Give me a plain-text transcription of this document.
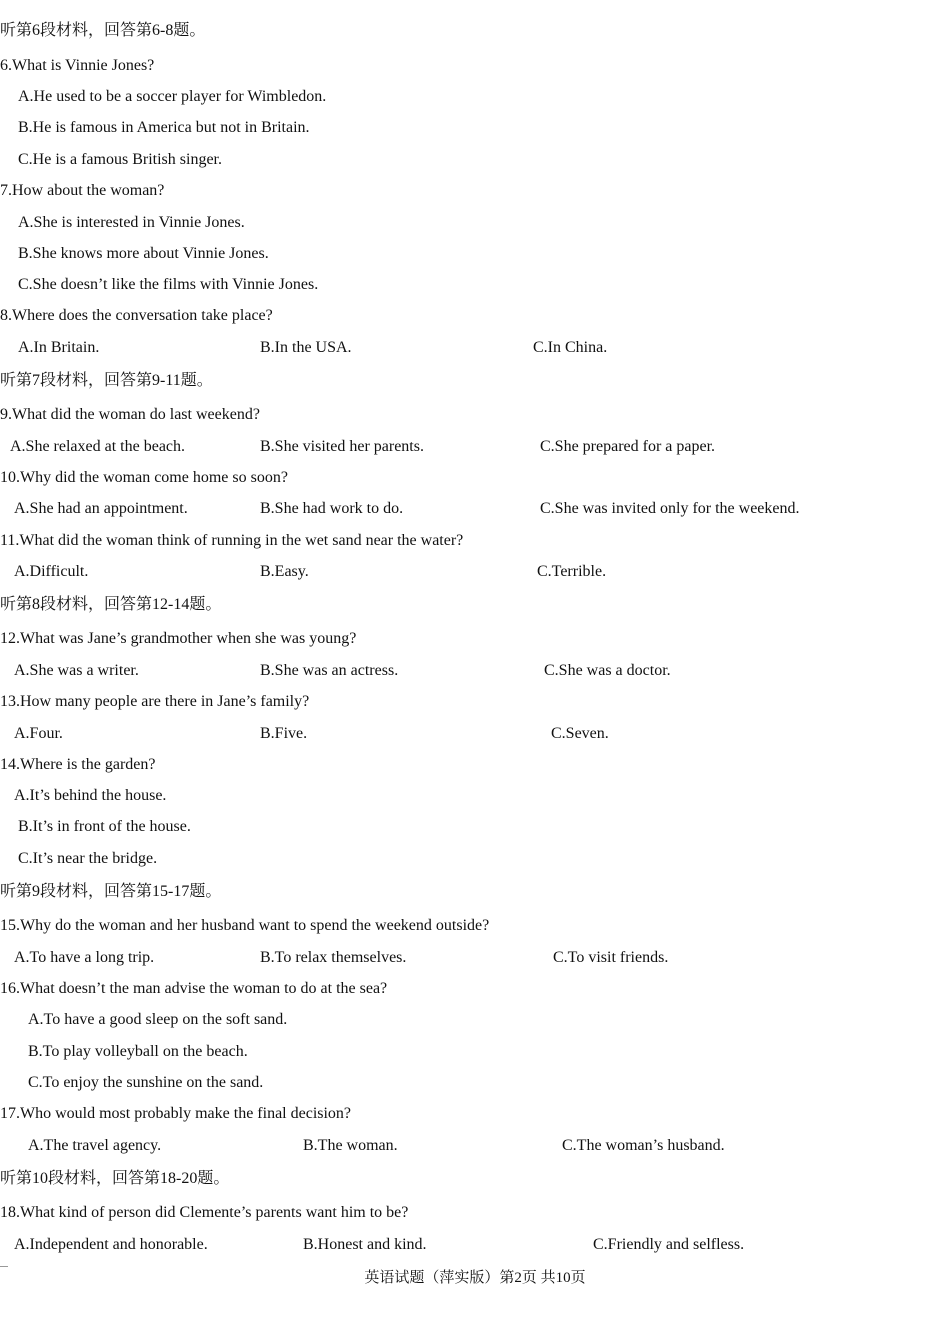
听第6段材料，回答第6-8题。
6.What is Vinnie Jones?
A.He used to be a soccer player for Wimbledon.
B.He is famous in America but not in Britain.
C.He is a famous British singer.
7.How about the woman?
A.She is interested in Vinnie Jones.
B.She knows more about Vinnie Jones.
C.She doesn’t like the films with Vinnie Jones.
8.Where does the conversation take place?
A.In Britain.	B.In the USA.	C.In China.
听第7段材料，回答第9-11题。
9.What did the woman do last weekend?
A.She relaxed at the beach.	B.She visited her parents.	C.She prepared for a paper.
10.Why did the woman come home so soon?
A.She had an appointment.	B.She had work to do.	C.She was invited only for the weekend.
11.What did the woman think of running in the wet sand near the water?
A.Difficult.	B.Easy.	C.Terrible.
听第8段材料，回答第12-14题。
12.What was Jane’s grandmother when she was young?
A.She was a writer.	B.She was an actress.	C.She was a doctor.
13.How many people are there in Jane’s family?
A.Four.	B.Five.	C.Seven.
14.Where is the garden?
A.It’s behind the house.
B.It’s in front of the house.
C.It’s near the bridge.
听第9段材料，回答第15-17题。
15.Why do the woman and her husband want to spend the weekend outside?
A.To have a long trip.	B.To relax themselves.	C.To visit friends.
16.What doesn’t the man advise the woman to do at the sea?
A.To have a good sleep on the soft sand.
B.To play volleyball on the beach.
C.To enjoy the sunshine on the sand.
17.Who would most probably make the final decision?
A.The travel agency.	B.The woman.	C.The woman’s husband.
听第10段材料，回答第18-20题。
18.What kind of person did Clemente’s parents want him to be?
A.Independent and honorable.	B.Honest and kind.	C.Friendly and selfless.
英语试题（萍实版）第2页 共10页
